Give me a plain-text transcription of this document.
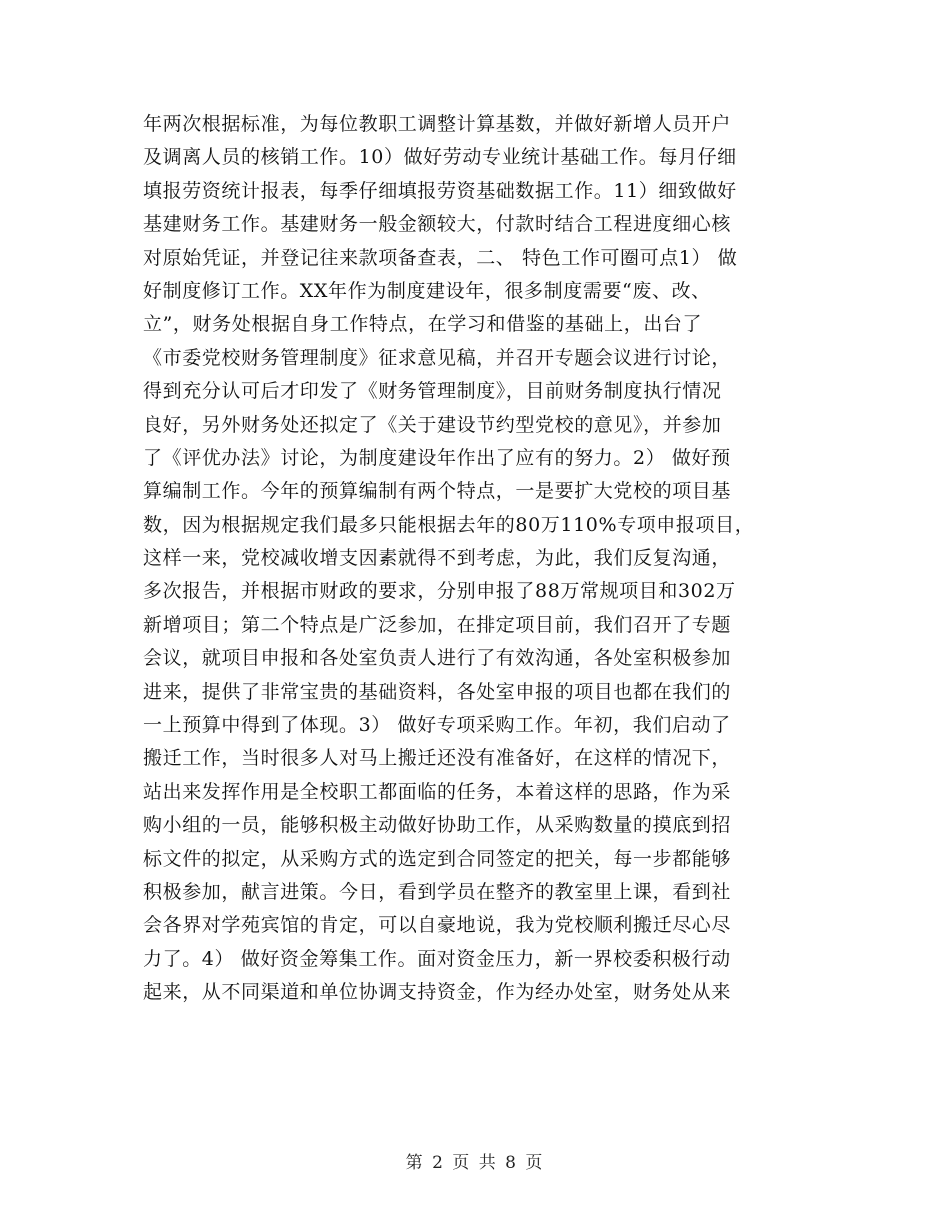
年两次根据标准，为每位教职工调整计算基数，并做好新增人员开户
及调离人员的核销工作。10）做好劳动专业统计基础工作。每月仔细
填报劳资统计报表，每季仔细填报劳资基础数据工作。11）细致做好
基建财务工作。基建财务一般金额较大，付款时结合工程进度细心核
对原始凭证，并登记往来款项备查表，二、 特色工作可圈可点1） 做
好制度修订工作。XX年作为制度建设年，很多制度需要“废、改、
立”，财务处根据自身工作特点，在学习和借鉴的基础上，出台了
《市委党校财务管理制度》征求意见稿，并召开专题会议进行讨论，
得到充分认可后才印发了《财务管理制度》，目前财务制度执行情况
良好，另外财务处还拟定了《关于建设节约型党校的意见》，并参加
了《评优办法》讨论，为制度建设年作出了应有的努力。2） 做好预
算编制工作。今年的预算编制有两个特点，一是要扩大党校的项目基
数，因为根据规定我们最多只能根据去年的80万110%专项申报项目，
这样一来，党校减收增支因素就得不到考虑，为此，我们反复沟通，
多次报告，并根据市财政的要求，分别申报了88万常规项目和302万
新增项目；第二个特点是广泛参加，在排定项目前，我们召开了专题
会议，就项目申报和各处室负责人进行了有效沟通，各处室积极参加
进来，提供了非常宝贵的基础资料，各处室申报的项目也都在我们的
一上预算中得到了体现。3） 做好专项采购工作。年初，我们启动了
搬迁工作，当时很多人对马上搬迁还没有准备好，在这样的情况下，
站出来发挥作用是全校职工都面临的任务，本着这样的思路，作为采
购小组的一员，能够积极主动做好协助工作，从采购数量的摸底到招
标文件的拟定，从采购方式的选定到合同签定的把关，每一步都能够
积极参加，献言进策。今日，看到学员在整齐的教室里上课，看到社
会各界对学苑宾馆的肯定，可以自豪地说，我为党校顺利搬迁尽心尽
力了。4） 做好资金筹集工作。面对资金压力，新一界校委积极行动
起来，从不同渠道和单位协调支持资金，作为经办处室，财务处从来
第 2 页 共 8 页
